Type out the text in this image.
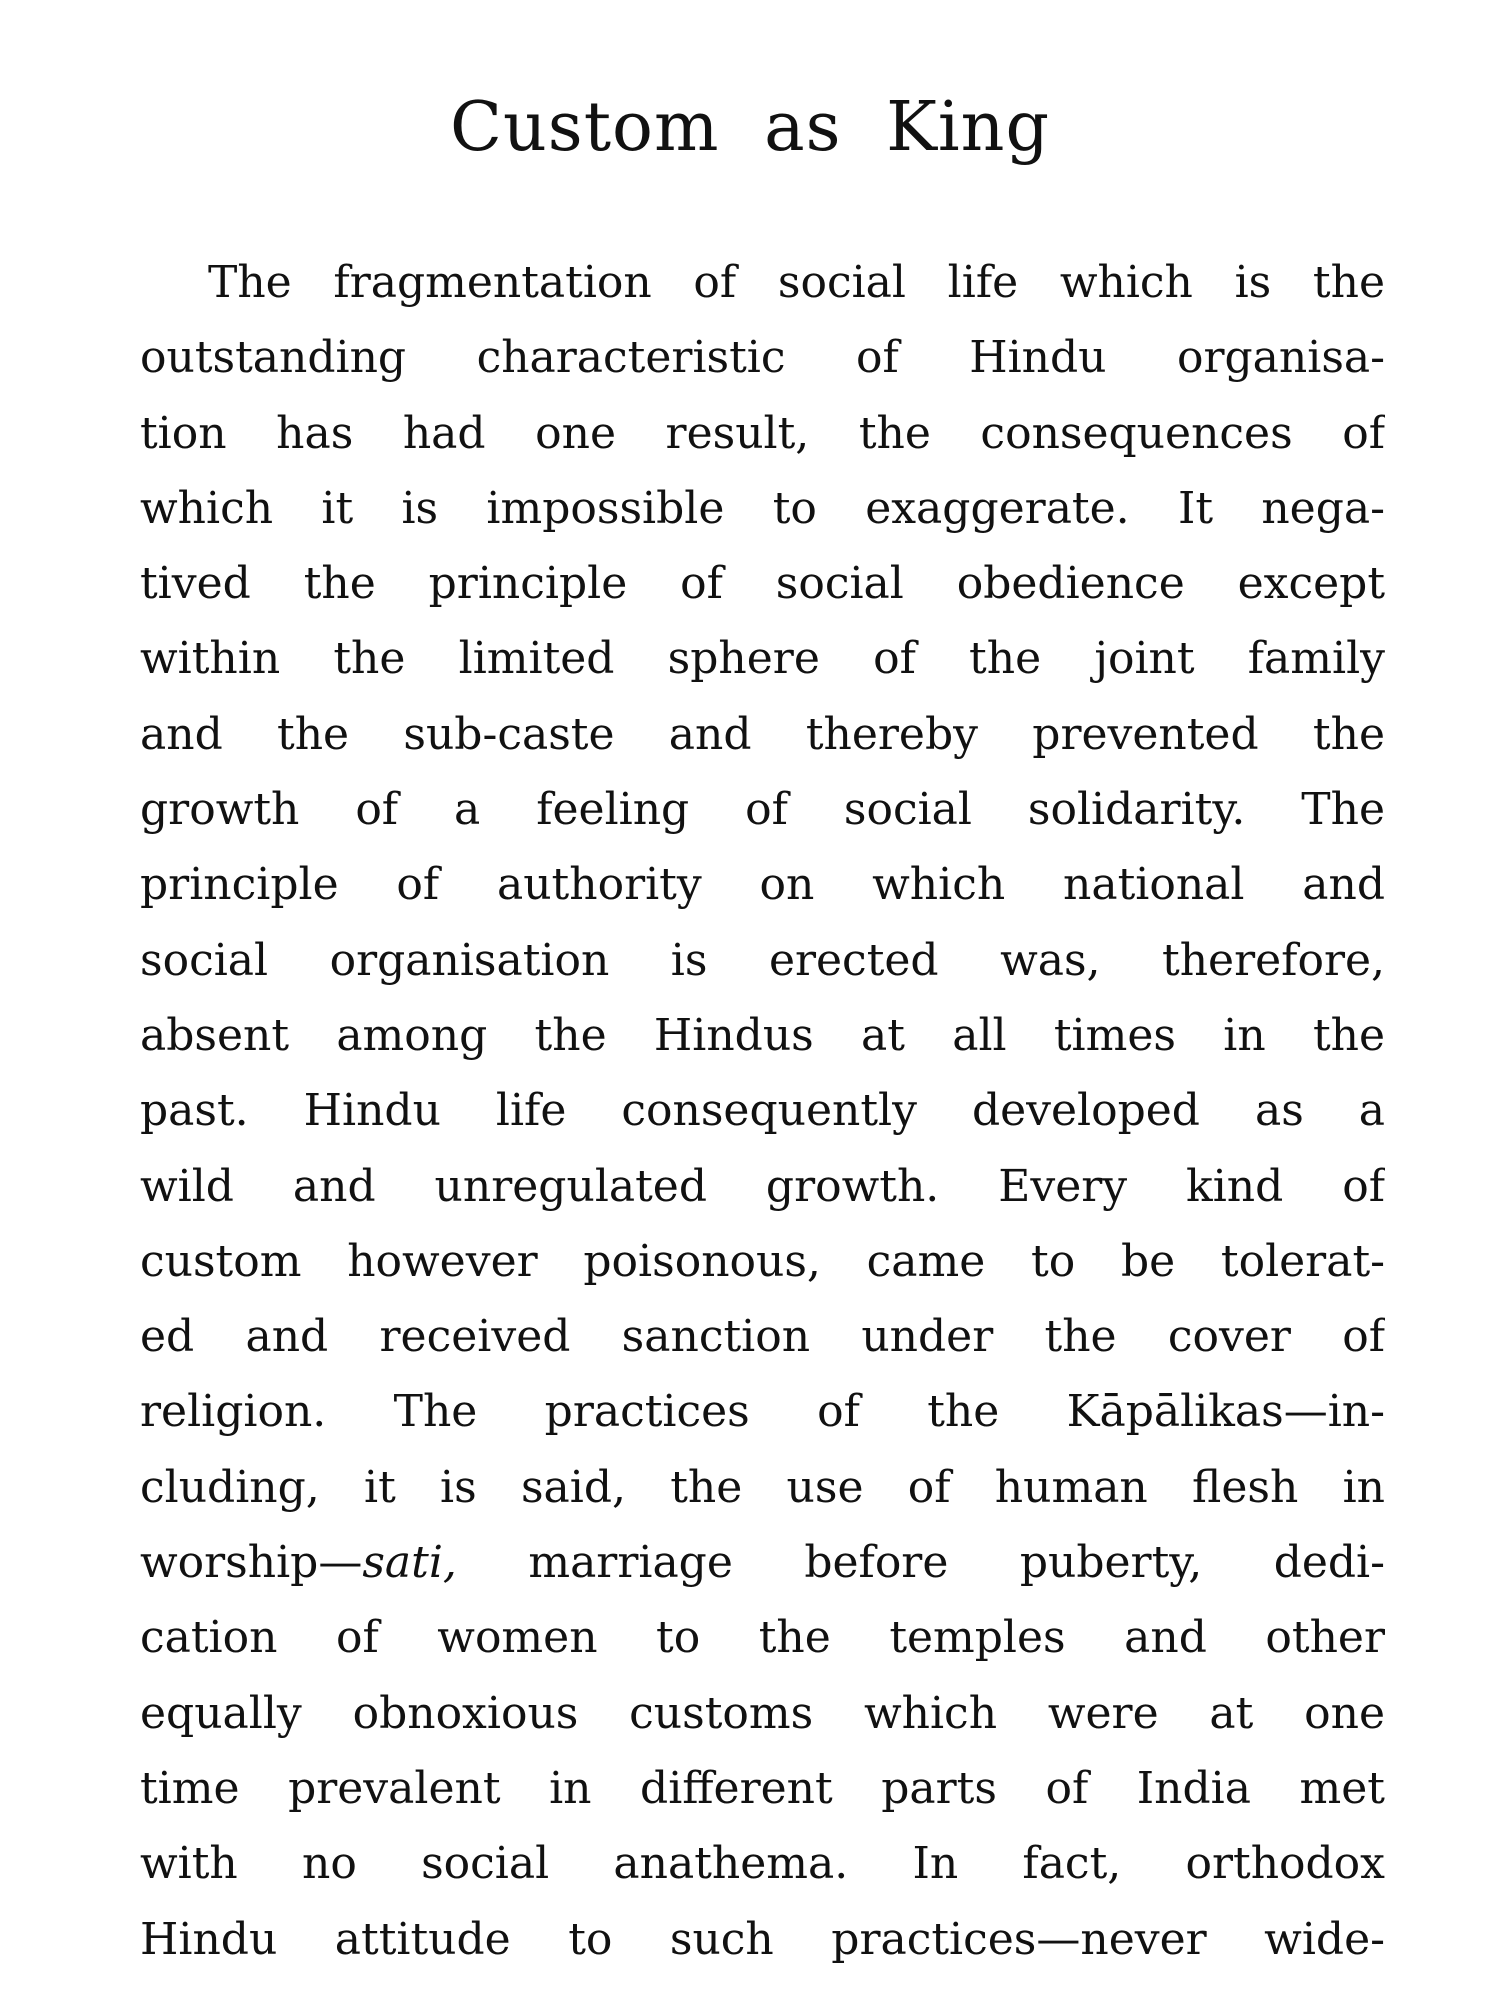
Custom as King
The fragmentation of social life which is the
outstanding characteristic of Hindu organisa-
tion has had one result, the consequences of
which it is impossible to exaggerate. It nega-
tived the principle of social obedience except
within the limited sphere of the joint family
and the sub-caste and thereby prevented the
growth of a feeling of social solidarity. The
principle of authority on which national and
social organisation is erected was, therefore,
absent among the Hindus at all times in the
past. Hindu life consequently developed as a
wild and unregulated growth. Every kind of
custom however poisonous, came to be tolerat-
ed and received sanction under the cover of
religion. The practices of the Kāpālikas—in-
cluding, it is said, the use of human flesh in
worship—sati, marriage before puberty, dedi-
cation of women to the temples and other
equally obnoxious customs which were at one
time prevalent in different parts of India met
with no social anathema. In fact, orthodox
Hindu attitude to such practices—never wide-
